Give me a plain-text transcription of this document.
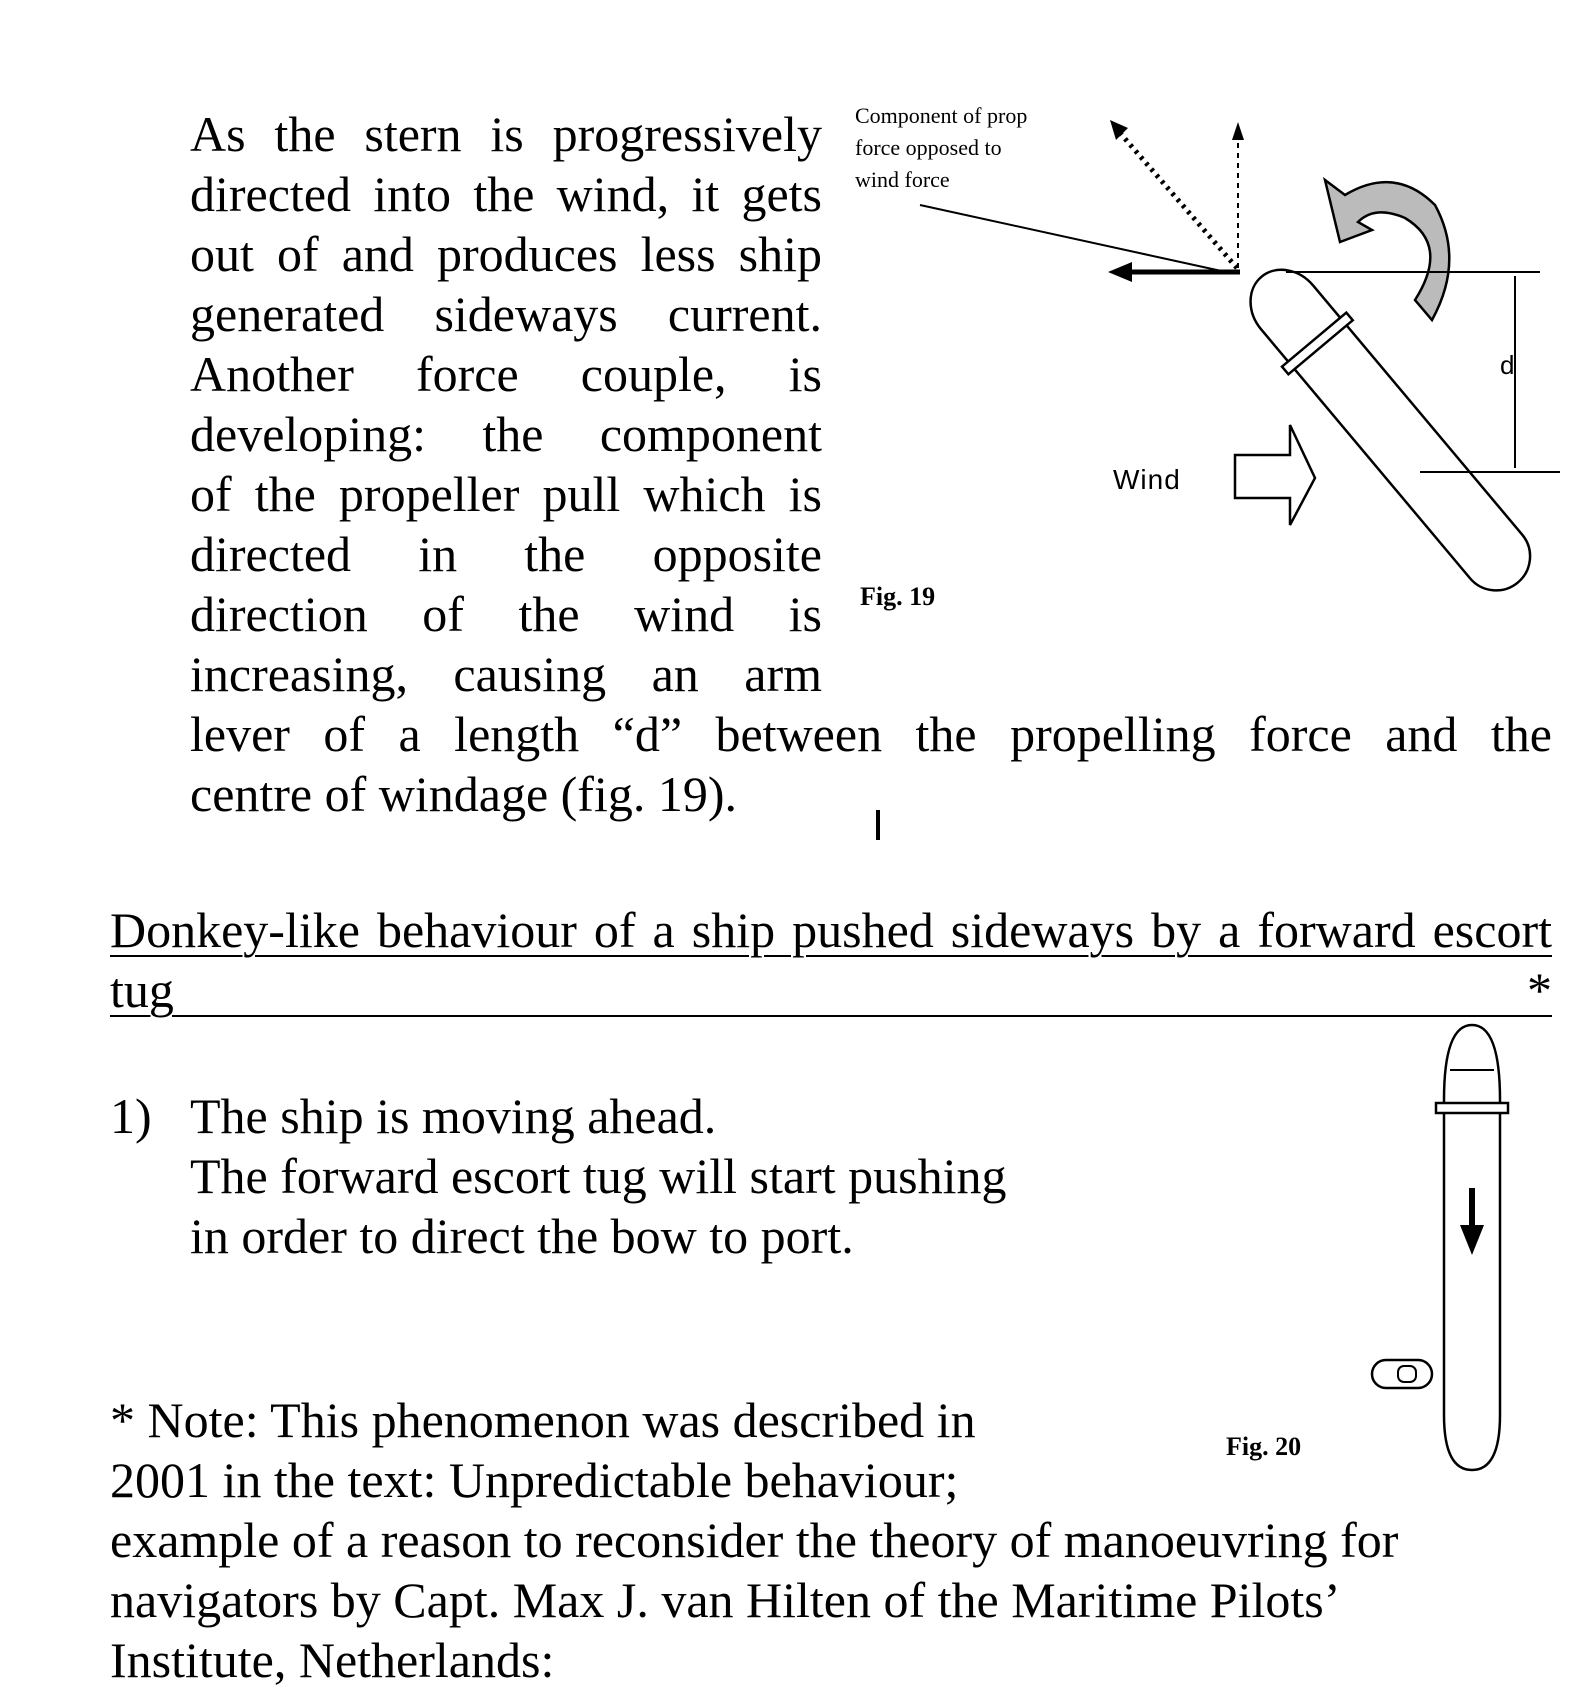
As the stern is progressively
directed into the wind, it gets
out of and produces less ship
generated sideways current.
Another force couple, is
developing: the component
of the propeller pull which is
directed in the opposite
direction of the wind is
increasing, causing an arm
lever of a length “d” between the propelling force and the
centre of windage (fig. 19).
Component of prop
force opposed to
wind force
Wind
d
Fig. 19
Donkey-like behaviour of a ship pushed sideways by a forward escort tug *
1) The ship is moving ahead.
The forward escort tug will start pushing
in order to direct the bow to port.
Fig. 20
* Note: This phenomenon was described in
2001 in the text: Unpredictable behaviour;
example of a reason to reconsider the theory of manoeuvring for
navigators by Capt. Max J. van Hilten of the Maritime Pilots’
Institute, Netherlands:
